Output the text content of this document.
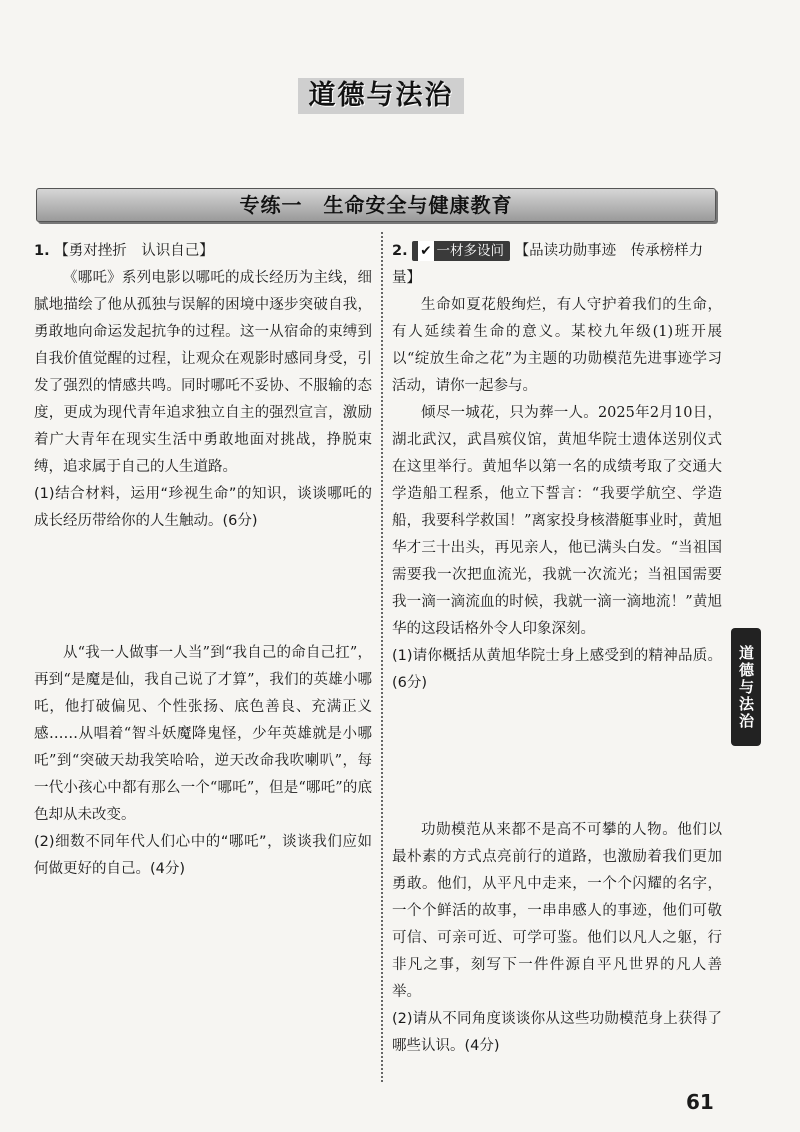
道德与法治
专练一　生命安全与健康教育
1. 【勇对挫折　认识自己】

《哪吒》系列电影以哪吒的成长经历为主线，细腻地描绘了他从孤独与误解的困境中逐步突破自我，勇敢地向命运发起抗争的过程。这一从宿命的束缚到自我价值觉醒的过程，让观众在观影时感同身受，引发了强烈的情感共鸣。同时哪吒不妥协、不服输的态度，更成为现代青年追求独立自主的强烈宣言，激励着广大青年在现实生活中勇敢地面对挑战，挣脱束缚，追求属于自己的人生道路。

(1)结合材料，运用“珍视生命”的知识，谈谈哪吒的成长经历带给你的人生触动。(6分)

从“我一人做事一人当”到“我自己的命自己扛”，再到“是魔是仙，我自己说了才算”，我们的英雄小哪吒，他打破偏见、个性张扬、底色善良、充满正义感……从唱着“智斗妖魔降鬼怪，少年英雄就是小哪吒”到“突破天劫我笑哈哈，逆天改命我吹喇叭”，每一代小孩心中都有那么一个“哪吒”，但是“哪吒”的底色却从未改变。

(2)细数不同年代人们心中的“哪吒”，谈谈我们应如何做更好的自己。(4分)

2. ✔ 一材多设问 【品读功勋事迹　传承榜样力量】

生命如夏花般绚烂，有人守护着我们的生命，有人延续着生命的意义。某校九年级(1)班开展以“绽放生命之花”为主题的功勋模范先进事迹学习活动，请你一起参与。

倾尽一城花，只为葬一人。2025年2月10日，湖北武汉，武昌殡仪馆，黄旭华院士遗体送别仪式在这里举行。黄旭华以第一名的成绩考取了交通大学造船工程系，他立下誓言：“我要学航空、学造船，我要科学救国！”离家投身核潜艇事业时，黄旭华才三十出头，再见亲人，他已满头白发。“当祖国需要我一次把血流光，我就一次流光；当祖国需要我一滴一滴流血的时候，我就一滴一滴地流！”黄旭华的这段话格外令人印象深刻。

(1)请你概括从黄旭华院士身上感受到的精神品质。(6分)

功勋模范从来都不是高不可攀的人物。他们以最朴素的方式点亮前行的道路，也激励着我们更加勇敢。他们，从平凡中走来，一个个闪耀的名字，一个个鲜活的故事，一串串感人的事迹，他们可敬可信、可亲可近、可学可鉴。他们以凡人之躯，行非凡之事，刻写下一件件源自平凡世界的凡人善举。

(2)请从不同角度谈谈你从这些功勋模范身上获得了哪些认识。(4分)

道德与法治
61
